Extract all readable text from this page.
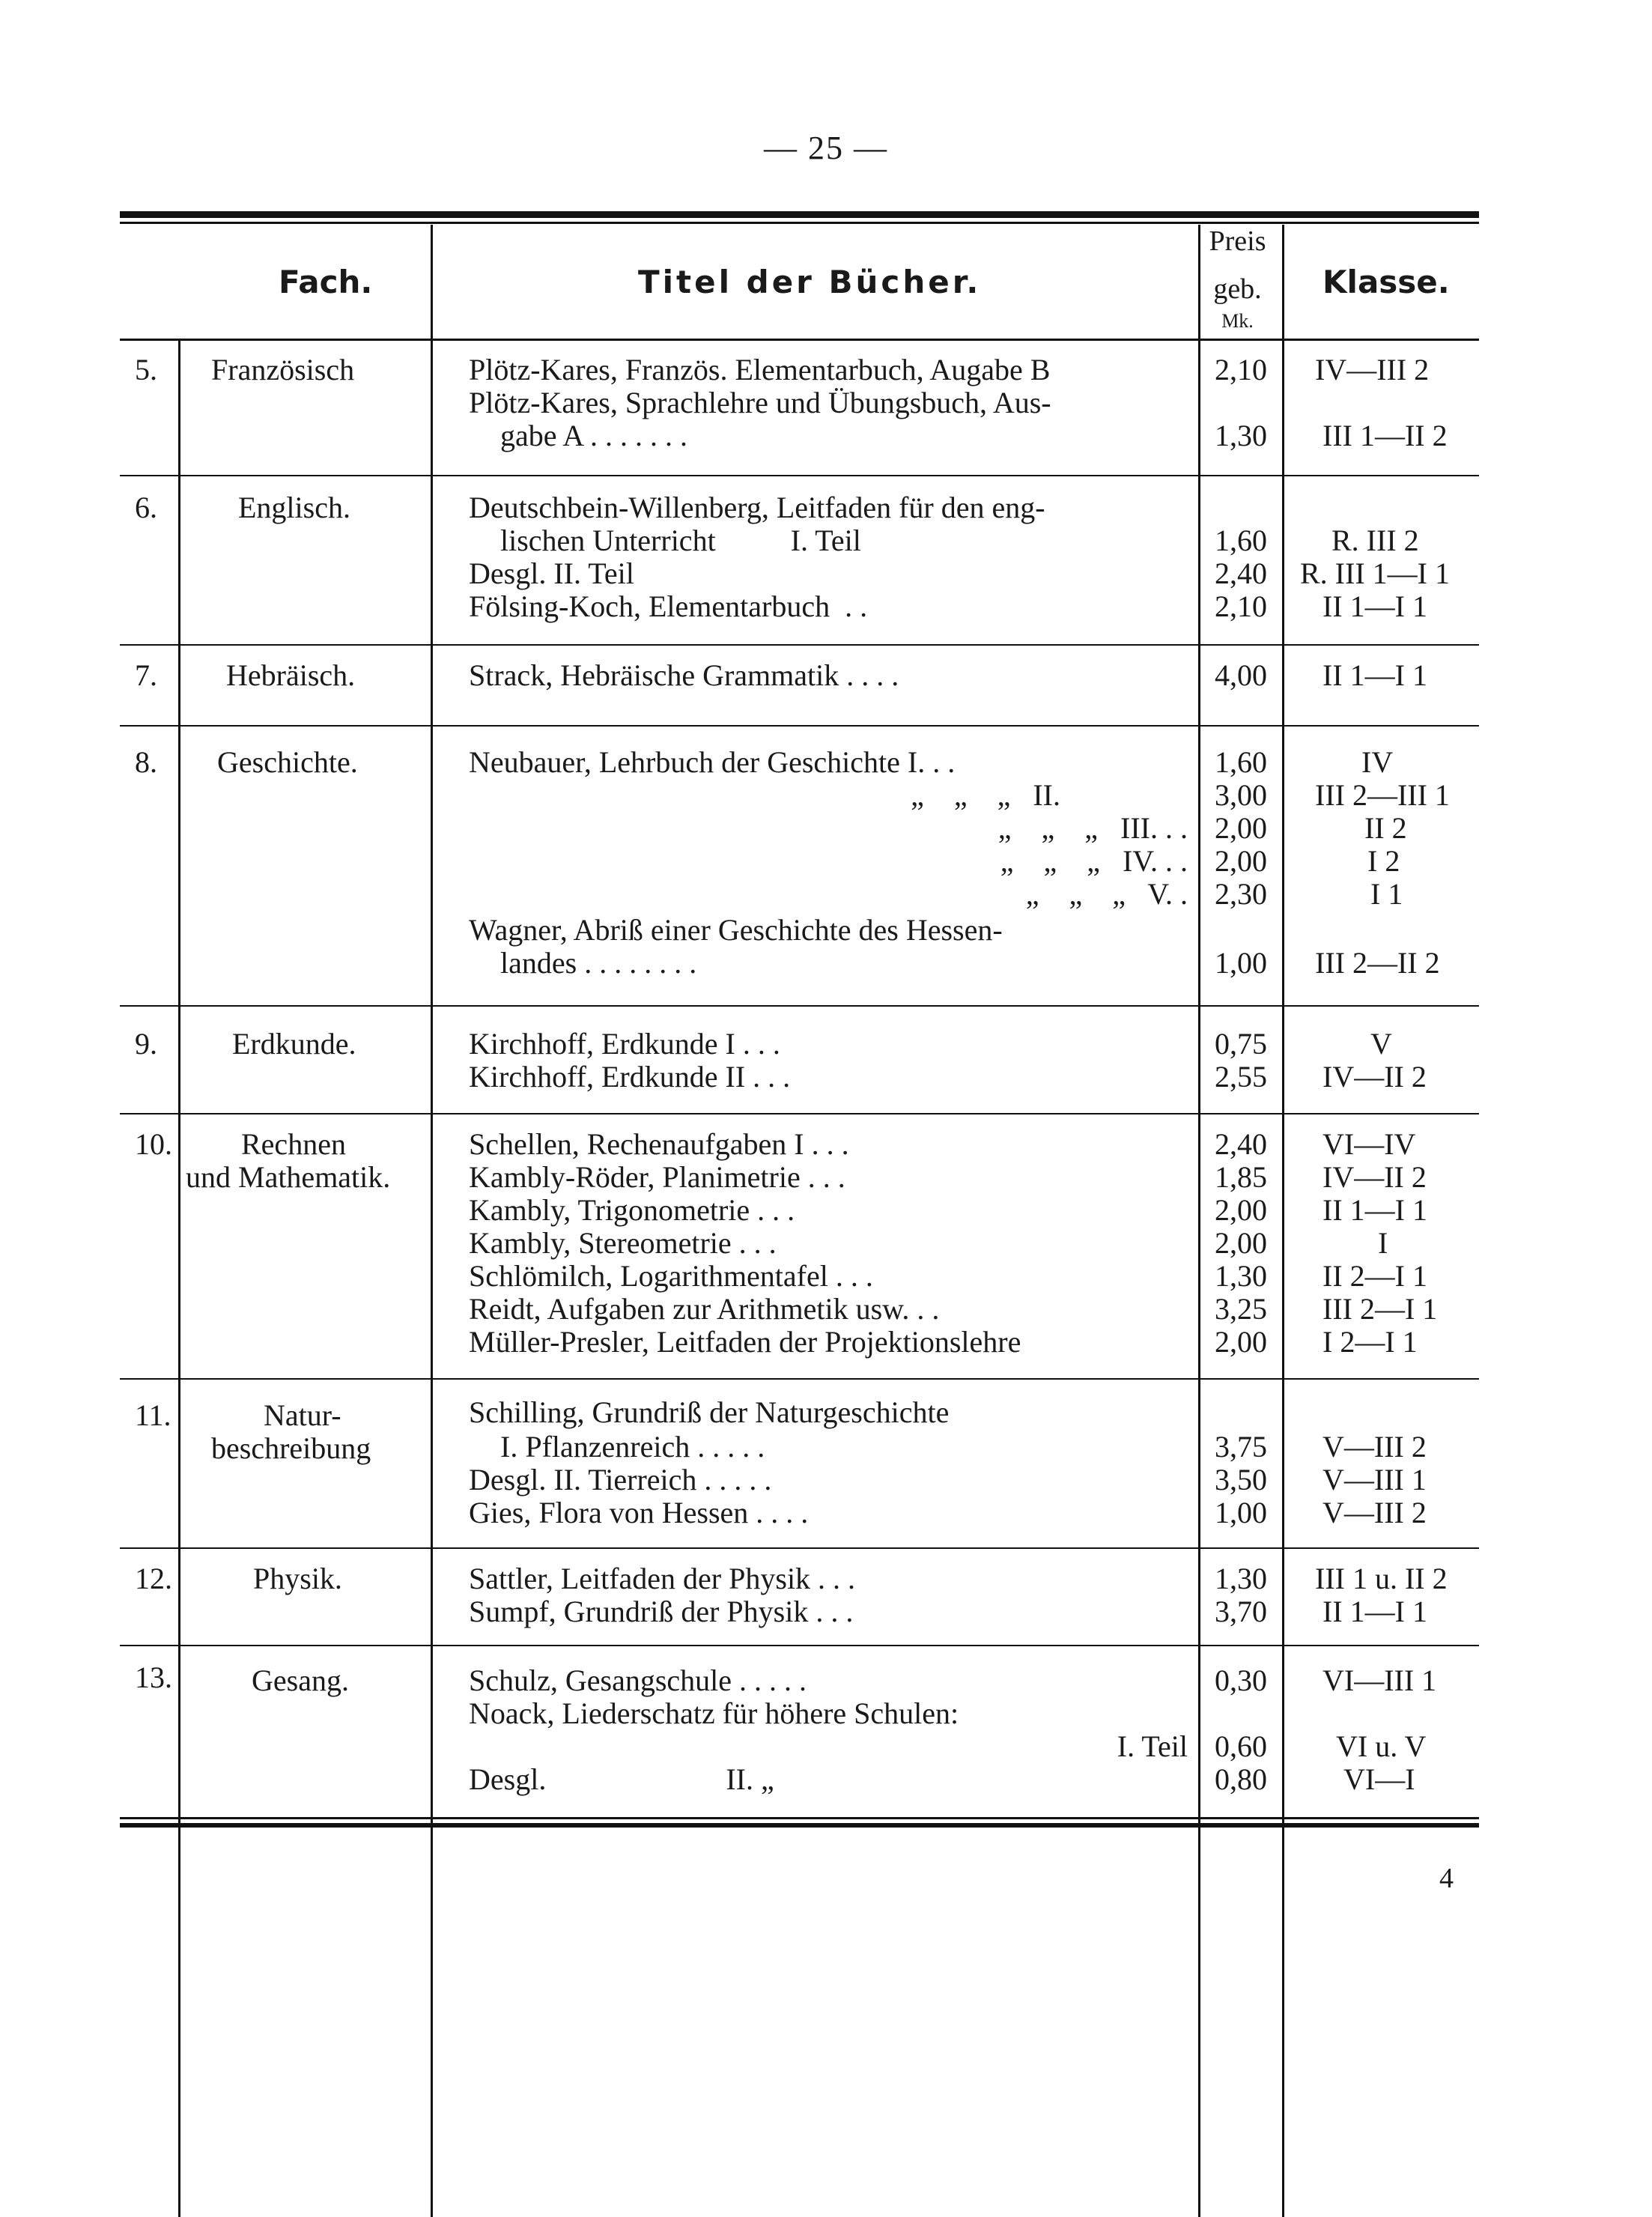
— 25 —
Fach.	Titel der Bücher.
Preis
geb.
Mk.
Klasse.
5. Französisch	Plötz-Kares, Französ. Elementarbuch, Augabe B	2,10	IV—III 2
Plötz-Kares, Sprachlehre und Übungsbuch, Aus-
gabe A . . . . . . .	1,30	III 1—II 2
6.	Englisch.	Deutschbein-Willenberg, Leitfaden für den eng-
lischen Unterricht          I. Teil	1,60	R. III 2
Desgl. II. Teil	2,40	R. III 1—I 1
Fölsing-Koch, Elementarbuch  . .	2,10	II 1—I 1
7. Hebräisch.	Strack, Hebräische Grammatik . . . .	4,00	II 1—I 1
8. Geschichte.	Neubauer, Lehrbuch der Geschichte I. . .	1,60	IV
„    „    „   II.	3,00	III 2—III 1
„    „    „   III. . . 2,00	II 2
„    „    „   IV. . . 2,00	I 2
„    „    „   V. . 2,30	I 1
Wagner, Abriß einer Geschichte des Hessen-
landes . . . . . . . .	1,00	III 2—II 2
9.	Erdkunde.	Kirchhoff, Erdkunde I . . .	0,75	V
Kirchhoff, Erdkunde II . . .	2,55	IV—II 2
10. Rechnen
und Mathematik.
Schellen, Rechenaufgaben I . . .	2,40	VI—IV
Kambly-Röder, Planimetrie . . .	1,85	IV—II 2
Kambly, Trigonometrie . . .	2,00	II 1—I 1
Kambly, Stereometrie . . .	2,00	I
Schlömilch, Logarithmentafel . . .	1,30	II 2—I 1
Reidt, Aufgaben zur Arithmetik usw. . .	3,25	III 2—I 1
Müller-Presler, Leitfaden der Projektionslehre	2,00	I 2—I 1
11.	Natur-
beschreibung
Schilling, Grundriß der Naturgeschichte
I. Pflanzenreich . . . . .	3,75	V—III 2
Desgl. II. Tierreich . . . . .	3,50	V—III 1
Gies, Flora von Hessen . . . .	1,00	V—III 2
12.	Physik.	Sattler, Leitfaden der Physik . . .	1,30	III 1 u. II 2
Sumpf, Grundriß der Physik . . .	3,70	II 1—I 1
13.	Gesang.	Schulz, Gesangschule . . . . .	0,30	VI—III 1
Noack, Liederschatz für höhere Schulen:
I. Teil 0,60	VI u. V
Desgl.                        II. „	0,80	VI—I
4
